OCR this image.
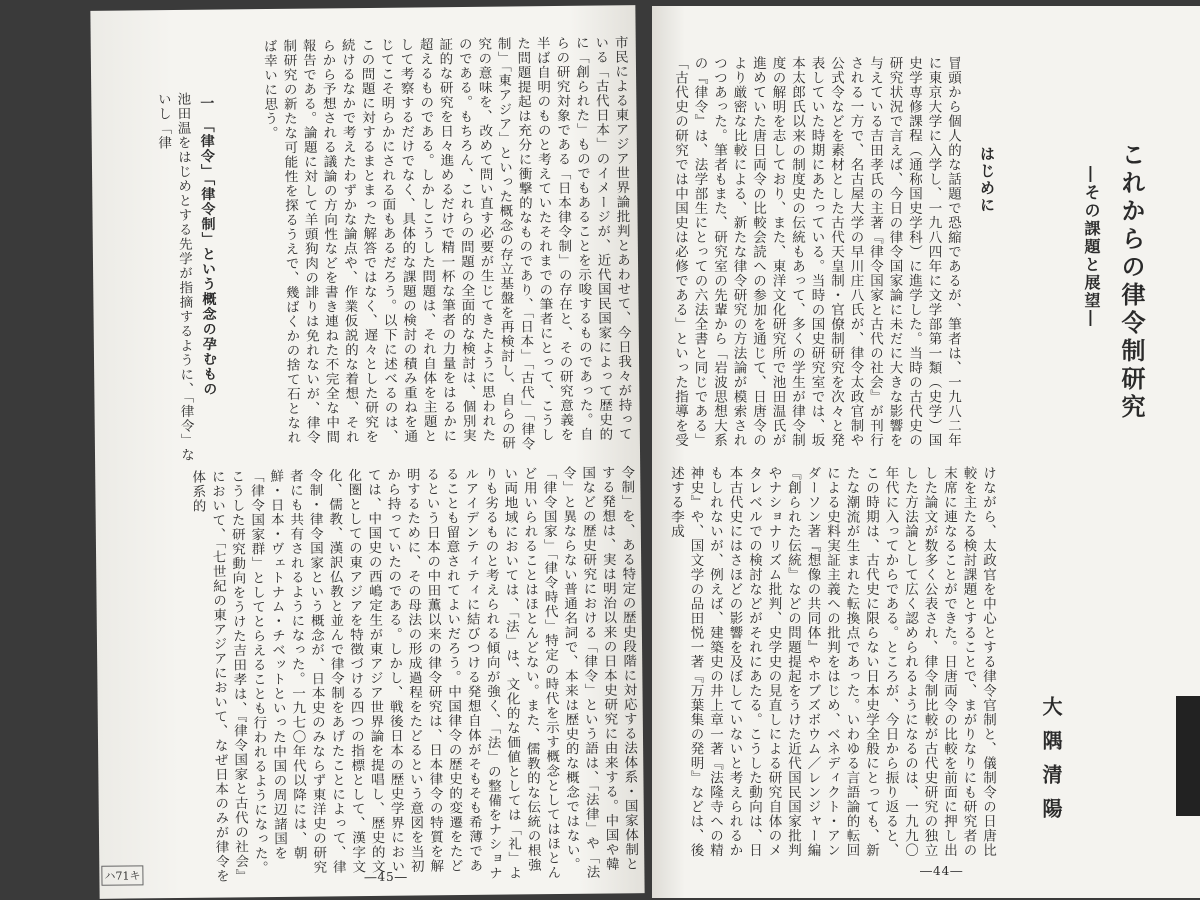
これからの律令制研究
―その課題と展望―
はじめに
冒頭から個人的な話題で恐縮であるが、筆者は、一九八二年に東京大学に入学し、一九八四年に文学部第一類（史学）国史学専修課程（通称国史学科）に進学した。当時の古代史の研究状況で言えば、今日の律令国家論に未だに大きな影響を与えている吉田孝氏の主著『律令国家と古代の社会』が刊行される一方で、名古屋大学の早川庄八氏が、律令太政官制や公式令などを素材とした古代天皇制・官僚制研究を次々と発表していた時期にあたっている。当時の国史研究室では、坂本太郎氏以来の制度史の伝統もあって、多くの学生が律令制度の解明を志しており、また、東洋文化研究所で池田温氏が進めていた唐日両令の比較会読への参加を通じて、日唐令のより厳密な比較による、新たな律令研究の方法論が模索されつつあった。筆者もまた、研究室の先輩から「岩波思想大系の『律令』は、法学部生にとっての六法全書と同じである」「古代史の研究では中国史は必修である」といった指導を受
けながら、太政官を中心とする律令官制と、儀制令の日唐比較を主たる検討課題とすることで、まがりなりにも研究者の末席に連なることができた。日唐両令の比較を前面に押し出した論文が数多く公表され、律令制比較が古代史研究の独立した方法論として広く認められるようになるのは、一九九〇年代に入ってからである。ところが、今日から振り返ると、この時期は、古代史に限らない日本史学全般にとっても、新たな潮流が生まれた転換点であった。いわゆる言語論的転回による史料実証主義への批判をはじめ、ベネディクト・アンダーソン著『想像の共同体』やホブズボウム／レンジャー編『創られた伝統』などの問題提起をうけた近代国民国家批判やナショナリズム批判、史学史の見直しによる研究自体のメタレベルでの検討などがそれにあたる。こうした動向は、日本古代史にはさほどの影響を及ぼしていないと考えられるかもしれないが、例えば、建築史の井上章一著『法隆寺への精神史』や、国文学の品田悦一著『万葉集の発明』などは、後述する李成
大隅清陽
―44―
市民による東アジア世界論批判とあわせて、今日我々が持っている「古代日本」のイメージが、近代国民国家によって歴史的に「創られた」ものでもあることを示唆するものであった。自らの研究対象である「日本律令制」の存在と、その研究意義を半ば自明のものと考えていたそれまでの筆者にとって、こうした問題提起は充分に衝撃的なものであり、「日本」「古代」「律令制」「東アジア」といった概念の存立基盤を再検討し、自らの研究の意味を、改めて問い直す必要が生じてきたように思われたのである。もちろん、これらの問題の全面的な検討は、個別実証的な研究を日々進めるだけで精一杯な筆者の力量をはるかに超えるものである。しかしこうした問題は、それ自体を主題として考察するだけでなく、具体的な課題の検討の積み重ねを通じてこそ明らかにされる面もあるだろう。以下に述べるのは、この問題に対するまとまった解答ではなく、遅々とした研究を続けるなかで考えたわずかな論点や、作業仮説的な着想、それらから予想される議論の方向性などを書き連ねた不完全な中間報告である。論題に対して羊頭狗肉の誹りは免れないが、律令制研究の新たな可能性を探るうえで、幾ばくかの捨て石となれば幸いに思う。
一　「律令」「律令制」という概念の孕むもの
池田温をはじめとする先学が指摘するように、「律令」ないし「律
令制」を、ある特定の歴史段階に対応する法体系・国家体制とする発想は、実は明治以来の日本史研究に由来する。中国や韓国などの歴史研究における「律令」という語は、「法律」や「法令」と異ならない普通名詞で、本来は歴史的な概念ではない。「律令国家」「律令時代」特定の時代を示す概念としてはほとんど用いられることはほとんどない。また、儒教的な伝統の根強い両地域においては、「法」は、文化的な価値としては「礼」よりも劣るものと考えられる傾向が強く、「法」の整備をナショナルアイデンティティに結びつける発想自体がそもそも希薄であることも留意されてよいだろう。中国律令の歴史的変遷をたどるという日本の中田薫以来の律令研究は、日本律令の特質を解明するために、その母法の形成過程をたどるという意図を当初から持っていたのである。しかし、戦後日本の歴史学界においては、中国史の西嶋定生が東アジア世界論を提唱し、歴史的文化圏としての東アジアを特徴づける四つの指標として、漢字文化、儒教、漢訳仏教と並んで律令制をあげたことによって、律令制・律令国家という概念が、日本史のみならず東洋史の研究者にも共有されるようになった。一九七〇年代以降には、朝鮮・日本・ヴェトナム・チベットといった中国の周辺諸国を「律令国家群」としてとらえることも行われるようになった。こうした研究動向をうけた吉田孝は、『律令国家と古代の社会』において、「七世紀の東アジアにおいて、なぜ日本のみが律令を体系的
―45―
ハ71キ
